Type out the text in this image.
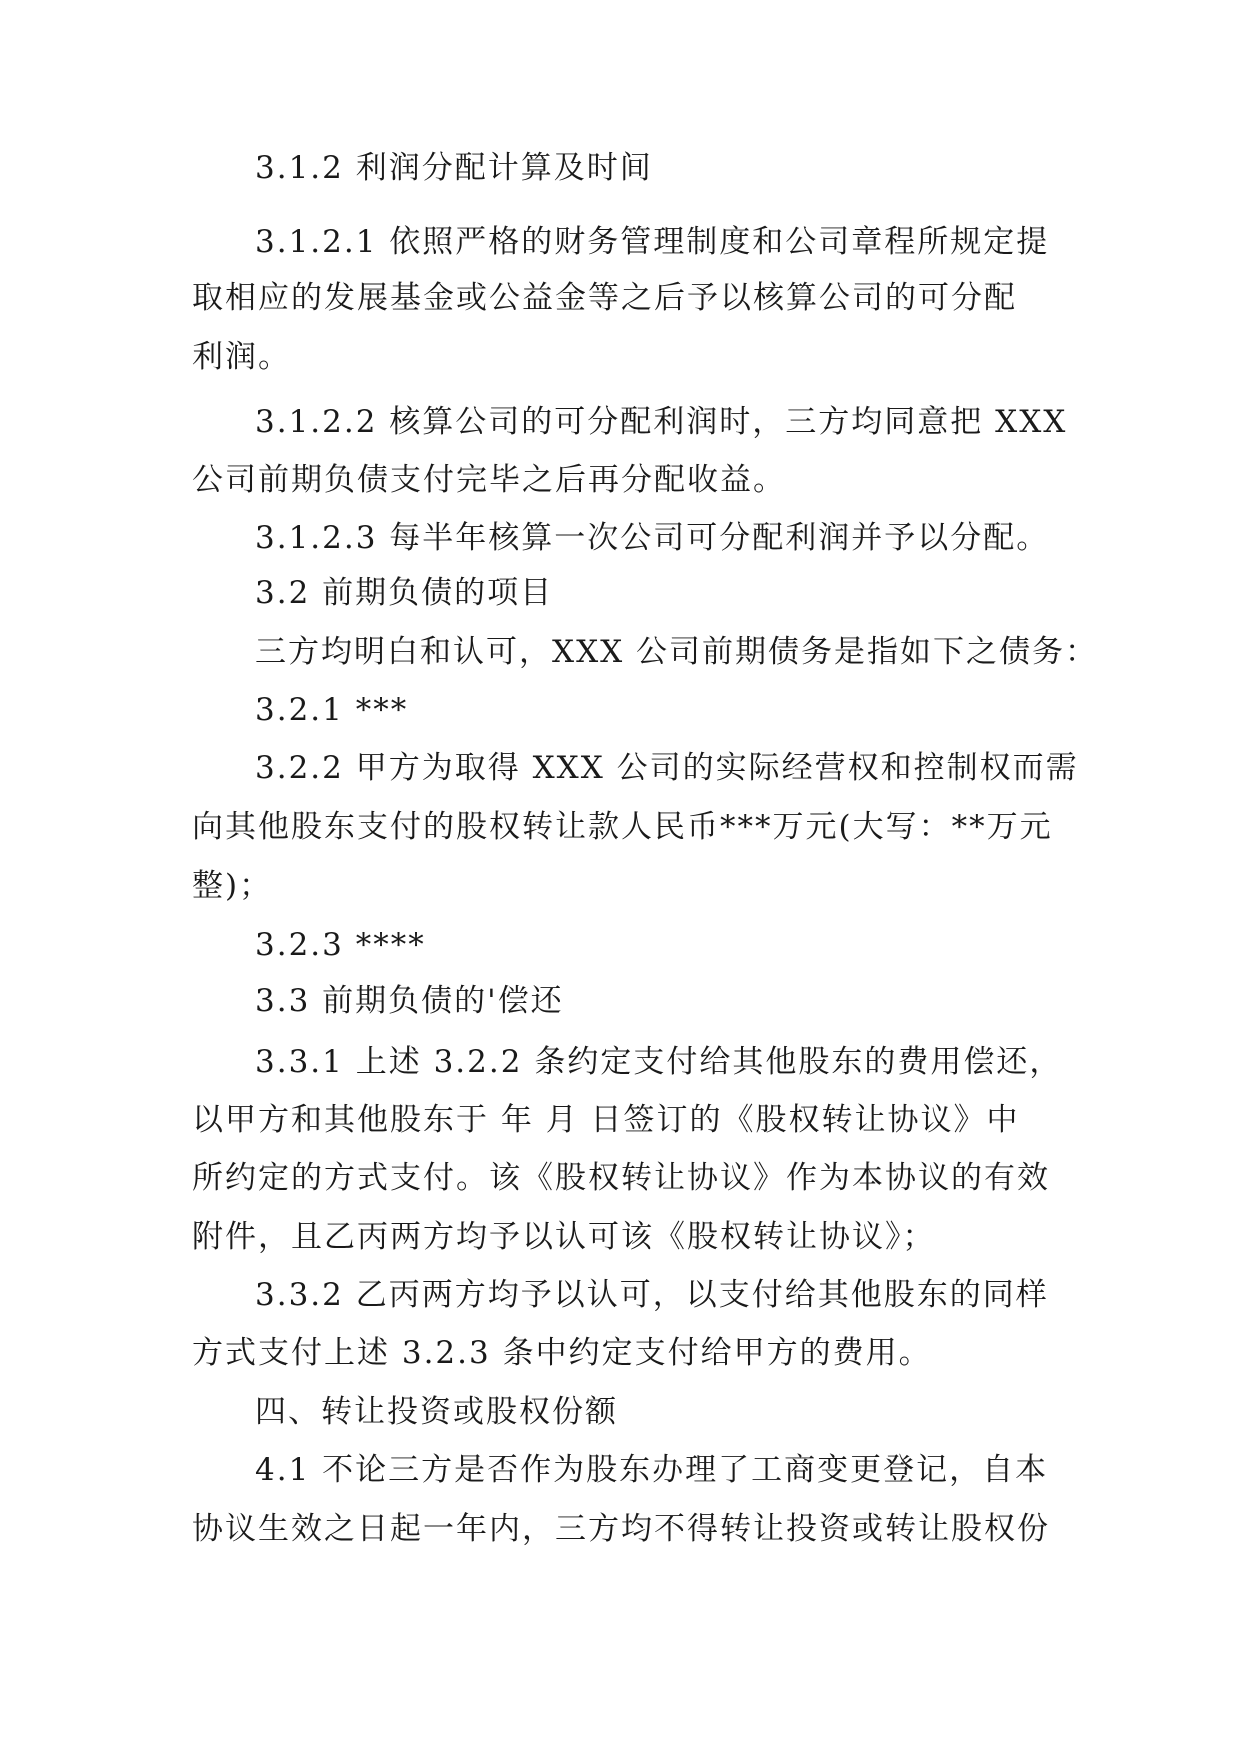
3.1.2 利润分配计算及时间
3.1.2.1 依照严格的财务管理制度和公司章程所规定提
取相应的发展基金或公益金等之后予以核算公司的可分配
利润。
3.1.2.2 核算公司的可分配利润时，三方均同意把 XXX
公司前期负债支付完毕之后再分配收益。
3.1.2.3 每半年核算一次公司可分配利润并予以分配。
3.2 前期负债的项目
三方均明白和认可，XXX 公司前期债务是指如下之债务：
3.2.1 ***
3.2.2 甲方为取得 XXX 公司的实际经营权和控制权而需
向其他股东支付的股权转让款人民币***万元(大写：**万元
整)；
3.2.3 ****
3.3 前期负债的'偿还
3.3.1 上述 3.2.2 条约定支付给其他股东的费用偿还，
以甲方和其他股东于 年 月 日签订的《股权转让协议》中
所约定的方式支付。该《股权转让协议》作为本协议的有效
附件，且乙丙两方均予以认可该《股权转让协议》；
3.3.2 乙丙两方均予以认可，以支付给其他股东的同样
方式支付上述 3.2.3 条中约定支付给甲方的费用。
四、转让投资或股权份额
4.1 不论三方是否作为股东办理了工商变更登记，自本
协议生效之日起一年内，三方均不得转让投资或转让股权份
